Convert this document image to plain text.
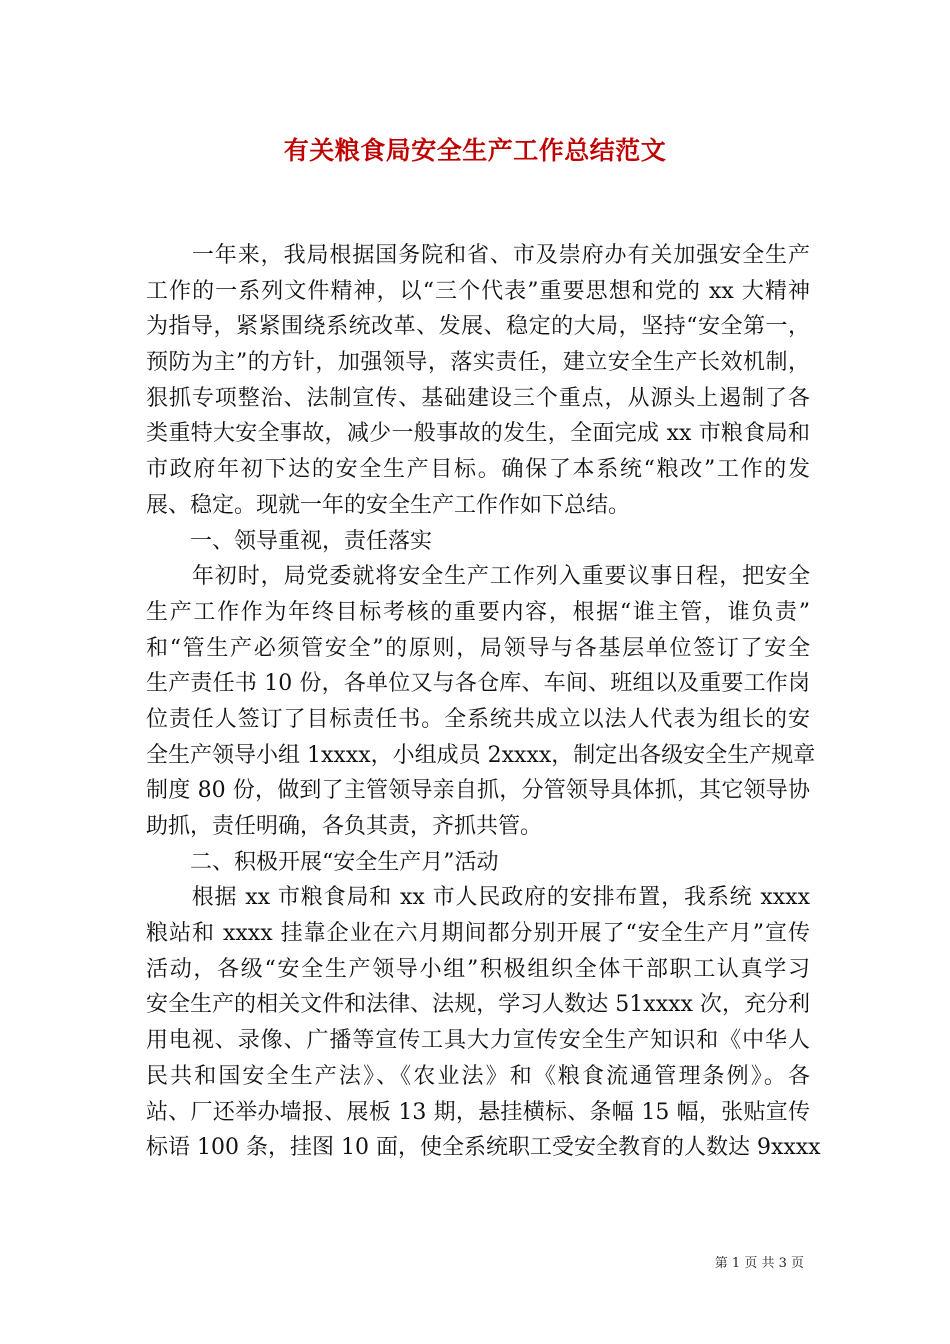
有关粮食局安全生产工作总结范文
　　一年来，我局根据国务院和省、市及崇府办有关加强安全生产
工作的一系列文件精神，以“三个代表”重要思想和党的 xx 大精神
为指导，紧紧围绕系统改革、发展、稳定的大局，坚持“安全第一，
预防为主”的方针，加强领导，落实责任，建立安全生产长效机制，
狠抓专项整治、法制宣传、基础建设三个重点，从源头上遏制了各
类重特大安全事故，减少一般事故的发生，全面完成 xx 市粮食局和
市政府年初下达的安全生产目标。确保了本系统“粮改”工作的发
展、稳定。现就一年的安全生产工作作如下总结。
　　一、领导重视，责任落实
　　年初时，局党委就将安全生产工作列入重要议事日程，把安全
生产工作作为年终目标考核的重要内容，根据“谁主管，谁负责”
和“管生产必须管安全”的原则，局领导与各基层单位签订了安全
生产责任书 10 份，各单位又与各仓库、车间、班组以及重要工作岗
位责任人签订了目标责任书。全系统共成立以法人代表为组长的安
全生产领导小组 1xxxx，小组成员 2xxxx，制定出各级安全生产规章
制度 80 份，做到了主管领导亲自抓，分管领导具体抓，其它领导协
助抓，责任明确，各负其责，齐抓共管。
　　二、积极开展“安全生产月”活动
　　根据 xx 市粮食局和 xx 市人民政府的安排布置，我系统 xxxx
粮站和 xxxx 挂靠企业在六月期间都分别开展了“安全生产月”宣传
活动，各级“安全生产领导小组”积极组织全体干部职工认真学习
安全生产的相关文件和法律、法规，学习人数达 51xxxx 次，充分利
用电视、录像、广播等宣传工具大力宣传安全生产知识和《中华人
民共和国安全生产法》、《农业法》和《粮食流通管理条例》。各
站、厂还举办墙报、展板 13 期，悬挂横标、条幅 15 幅，张贴宣传
标语 100 条，挂图 10 面，使全系统职工受安全教育的人数达 9xxxx
第 1 页 共 3 页
